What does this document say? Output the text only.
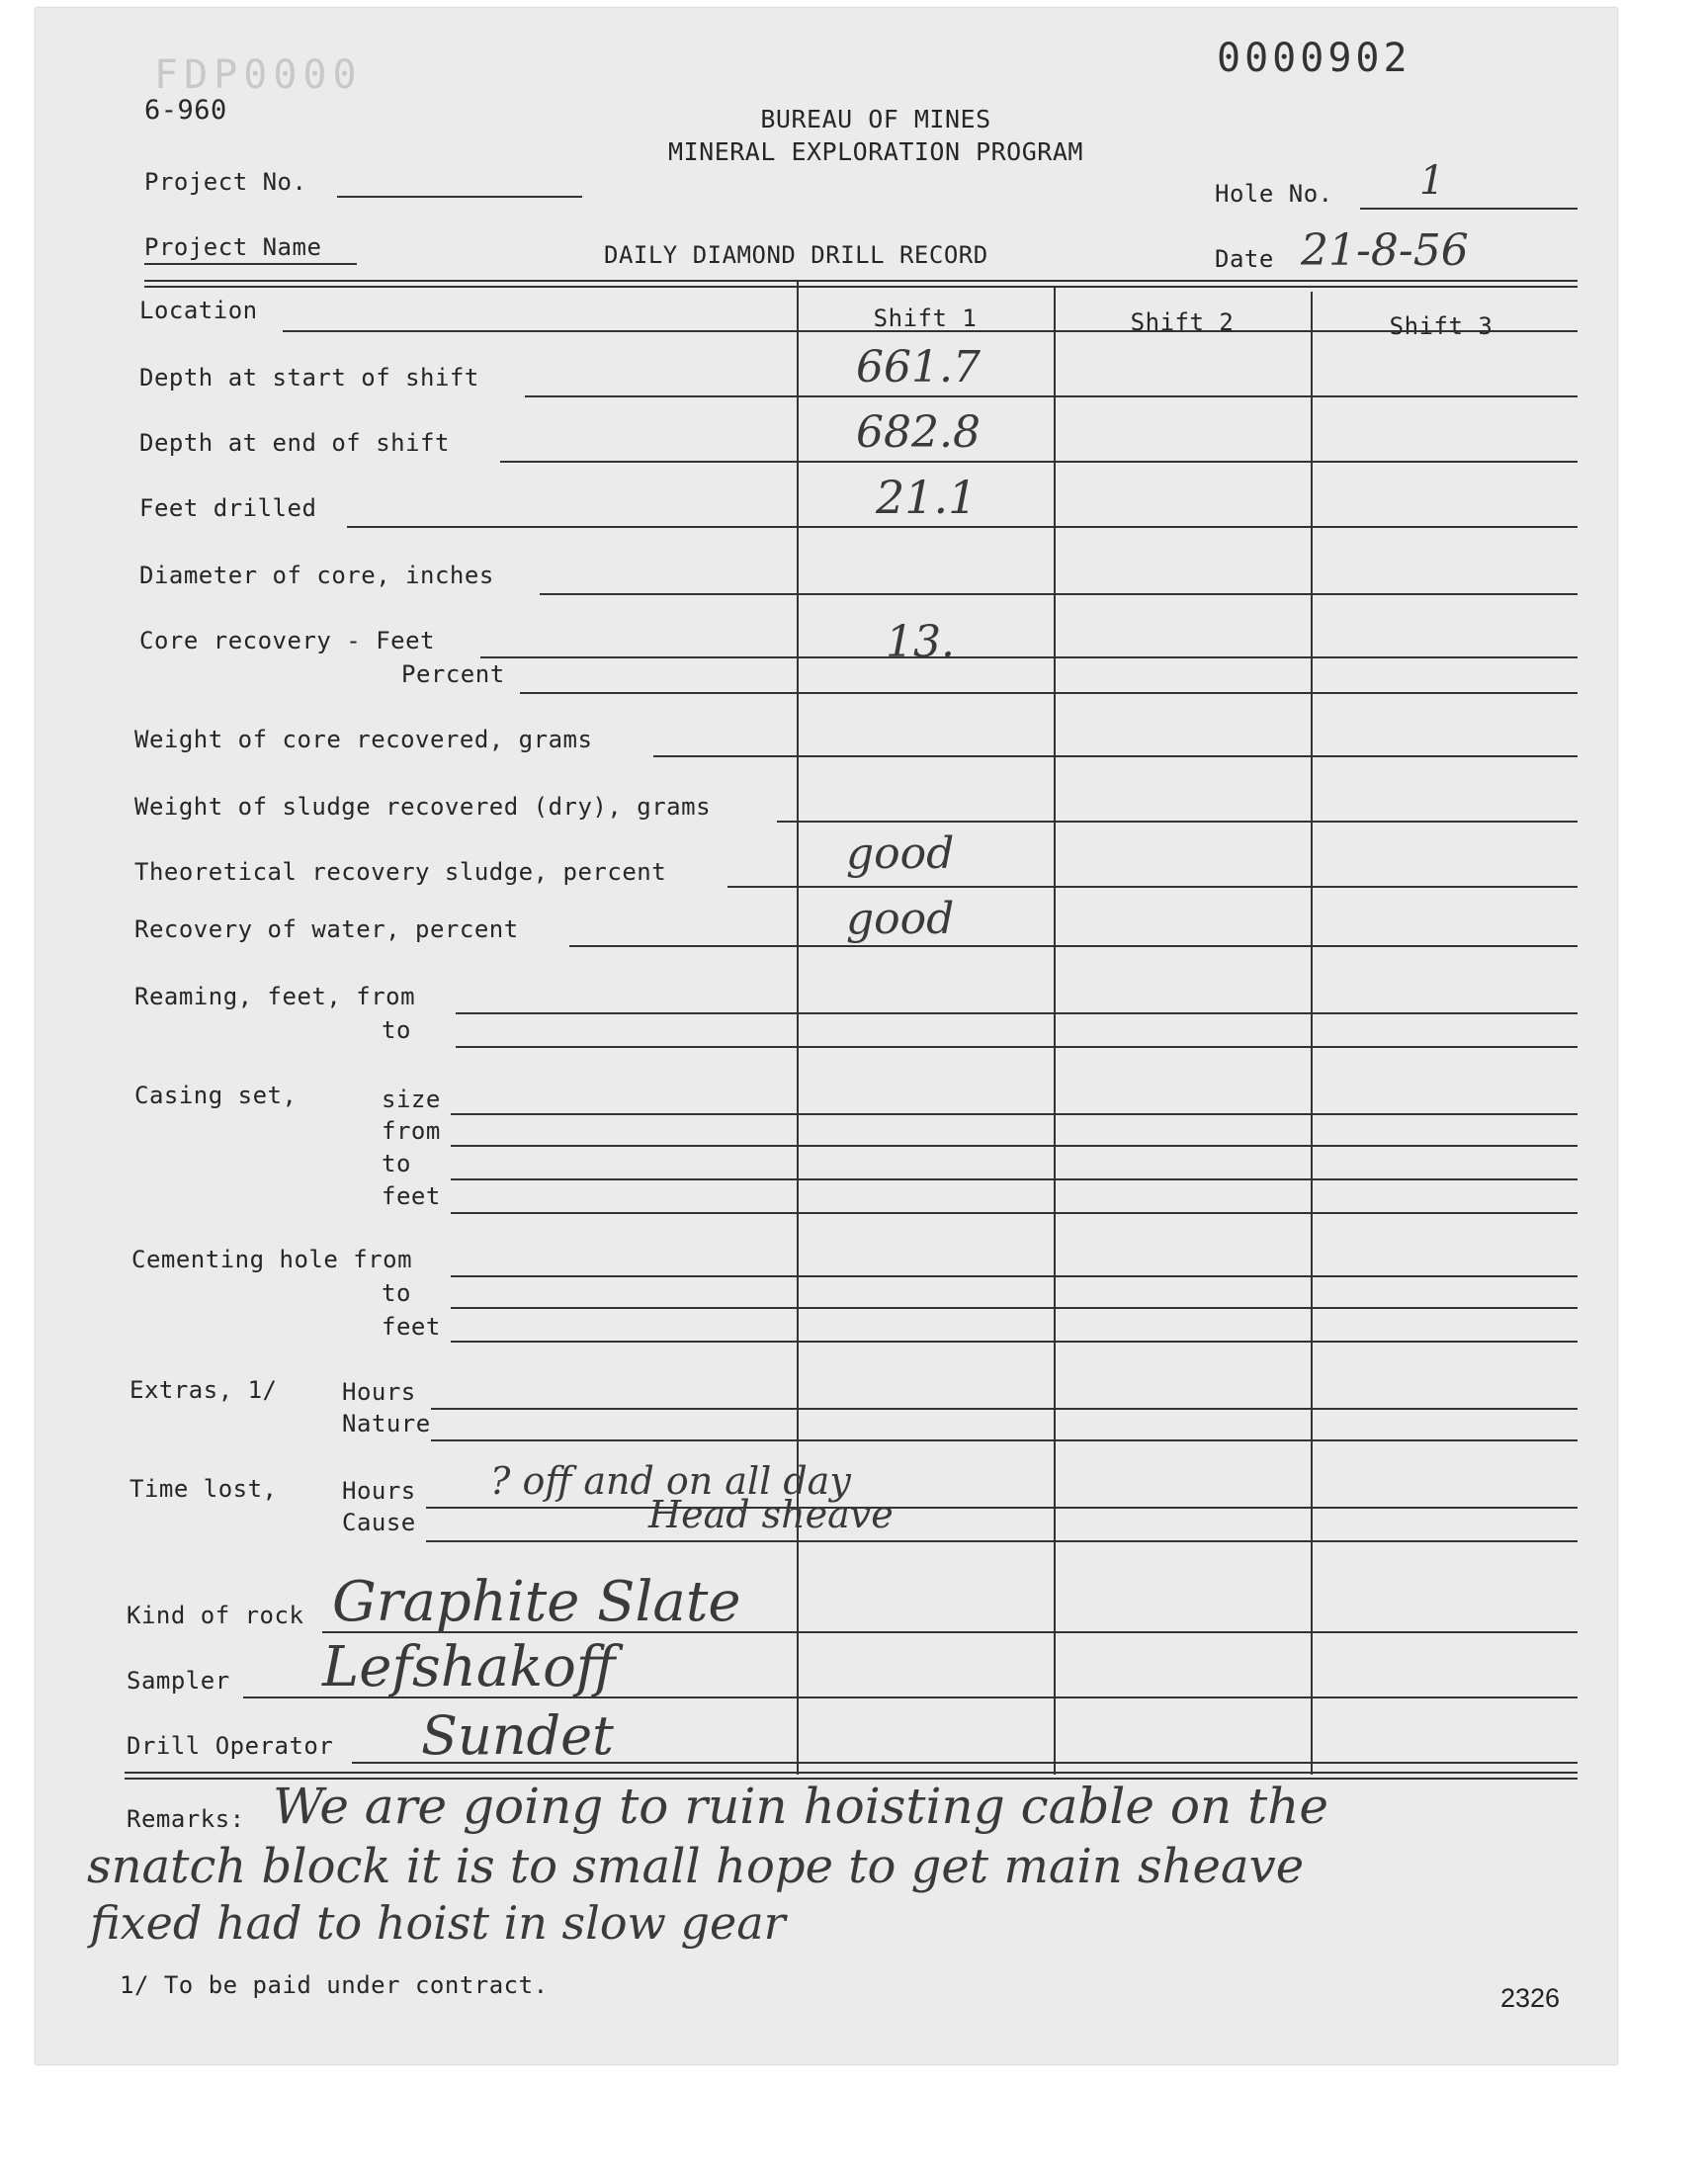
FDP0000
6-960
0000902
BUREAU OF MINES
MINERAL EXPLORATION PROGRAM
Project No.	Hole No. 1
Project Name	DAILY DIAMOND DRILL RECORD	Date 21-8-56
Shift 1	Shift 2	Shift 3
Location
Depth at start of shift	661.7
Depth at end of shift	682.8
Feet drilled	21.1
Diameter of core, inches
Core recovery - Feet	13.
Percent
Weight of core recovered, grams
Weight of sludge recovered (dry), grams
Theoretical recovery sludge, percent	good
Recovery of water, percent	good
Reaming, feet, from
to
Casing set,	size
from
to
feet
Cementing hole from
to
feet
Extras, 1/	Hours
Nature
Time lost,	Hours ? off and on all day
Cause	Head sheave
Kind of rock Graphite Slate
Sampler Lefshakoff
Drill Operator Sundet
Remarks: We are going to ruin hoisting cable on the
snatch block it is to small hope to get main sheave
fixed had to hoist in slow gear
1/ To be paid under contract.	2326
